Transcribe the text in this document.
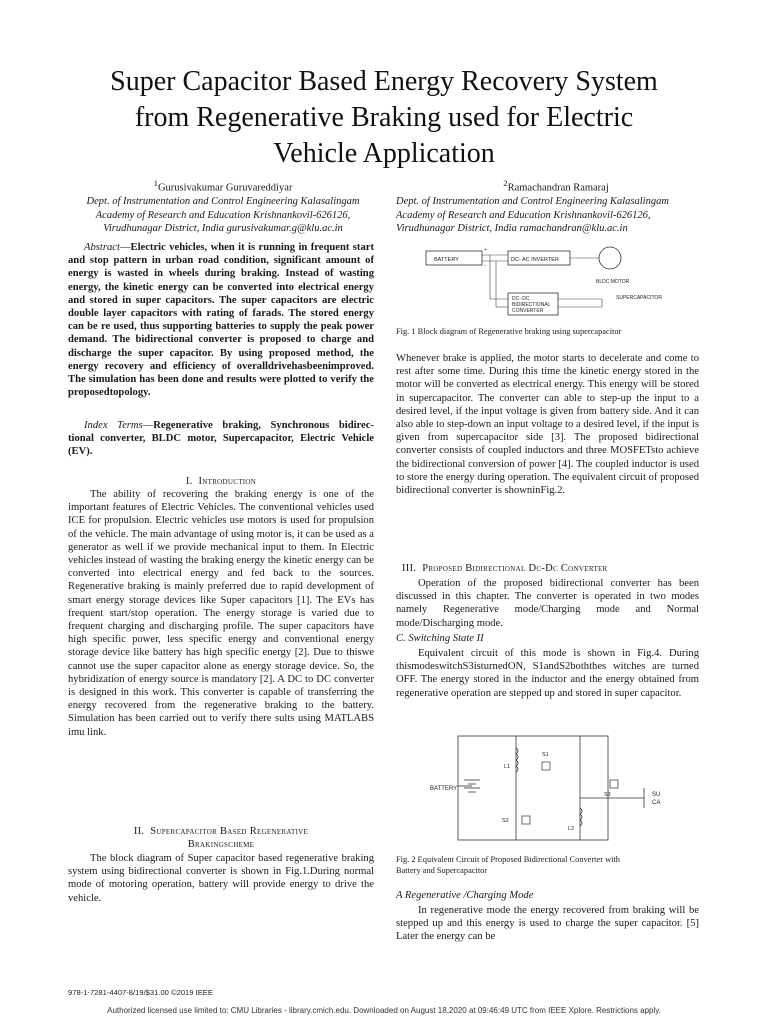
Super Capacitor Based Energy Recovery System
from Regenerative Braking used for Electric
Vehicle Application
$^1$Gurusivakumar Guruvareddiyar
Dept. of Instrumentation and Control Engineering Kalasalingam
Academy of Research and Education Krishnankovil-626126,
Virudhunagar District, India gurusivakumar.g@klu.ac.in
$^2$Ramachandran Ramaraj
Dept. of Instrumentation and Control Engineering Kalasalingam
Academy of Research and Education Krishnankovil-626126,
Virudhunagar District, India ramachandran@klu.ac.in

Abstract—Electric vehicles, when it is running in frequent start and stop pattern in urban road condition, significant amount of energy is wasted in wheels during braking. Instead of wasting energy, the kinetic energy can be converted into electrical energy and stored in super capacitors. The super capacitors are electric double layer capacitors with rating of farads. The stored energy can be re used, thus supporting batteries to supply the peak power demand. The bidirectional converter is proposed to charge and discharge the super capacitor. By using proposed method, the energy recovery and efficiency of overalldrivehasbeenimproved. The simulation has been done and results were plotted to verify the proposedtopology.

Index Terms—Regenerative braking, Synchronous bidirec- tional converter, BLDC motor, Supercapacitor, Electric Vehicle (EV).

I. Introduction

The ability of recovering the braking energy is one of the important features of Electric Vehicles. The conventional vehicles used ICE for propulsion. Electric vehicles use motors is used for propulsion of the vehicle. The main advantage of using motor is, it can be used as a generator as well if we provide mechanical input to them. In Electric vehicles instead of wasting the braking energy the kinetic energy can be converted into electrical energy and fed back to the sources. Regenerative braking is mainly preferred due to rapid development of smart energy storage devices like Super capacitors [1]. The EVs has frequent start/stop operation. The energy storage is varied due to frequent charging and discharging profile. The super capacitors have high specific power, less specific energy and conventional energy storage device like battery has high specific energy [2]. Due to thiswe cannot use the super capacitor alone as energy storage device. So, the hybridization of energy source is mandatory [2]. A DC to DC converter is designed in this work. This converter is capable of transferring the energy recovered from the regenerative braking to the battery. Simulation has been carried out to verify there sults using MATLABS imu link.

II. Supercapacitor Based Regenerative
Brakingscheme

The block diagram of Super capacitor based regenerative braking system using bidirectional converter is shown in Fig.1.During normal mode of motoring operation, battery will provide energy to drive the vehicle.

BATTERY	DC- AC INVERTER
BLDC MOTOR
DC- DC
BIDIRECTIONAL
CONVERTER
SUPERCAPACITOR
+
-
Fig. 1 Block diagram of Regenerative braking using supercapacitor

Whenever brake is applied, the motor starts to decelerate and come to rest after some time. During this time the kinetic energy stored in the motor will be converted as electrical energy. This energy will be stored in supercapacitor. The converter can able to step-up the input to a desired level, if the input voltage is given from battery side. And it can also able to step-down an input voltage to a desired level, if the input is given from supercapacitor side [3]. The proposed bidirectional converter consists of coupled inductors and three MOSFETsto achieve the bidirectional conversion of power [4]. The coupled inductor is used to store the energy during operation. The equivalent circuit of proposed bidirectional converter is showninFig.2.

III. Proposed Bidirectional Dc-Dc Converter

Operation of the proposed bidirectional converter has been discussed in this chapter. The converter is operated in two modes namely Regenerative mode/Charging mode and Normal mode/Discharging mode.

C. Switching State II

Equivalent circuit of this mode is shown in Fig.4. During thismodeswitchS3isturnedON, S1andS2boththes witches are turned OFF. The energy stored in the inductor and the energy obtained from regenerative operation are stepped up and stored in super capacitor.

BATTERY
L1
L2
S1
S2
S3	SU
CA
Fig. 2 Equivalent Circuit of Proposed Bidirectional Converter with
Battery and Supercapacitor
A Regenerative /Charging Mode

In regenerative mode the energy recovered from braking will be stepped up and this energy is used to charge the super capacitor. [5] Later the energy can be

978-1-7281-4407-8/19/$31.00 ©2019 IEEE
Authorized licensed use limited to: CMU Libraries - library.cmich.edu. Downloaded on August 18,2020 at 09:46:49 UTC from IEEE Xplore. Restrictions apply.
